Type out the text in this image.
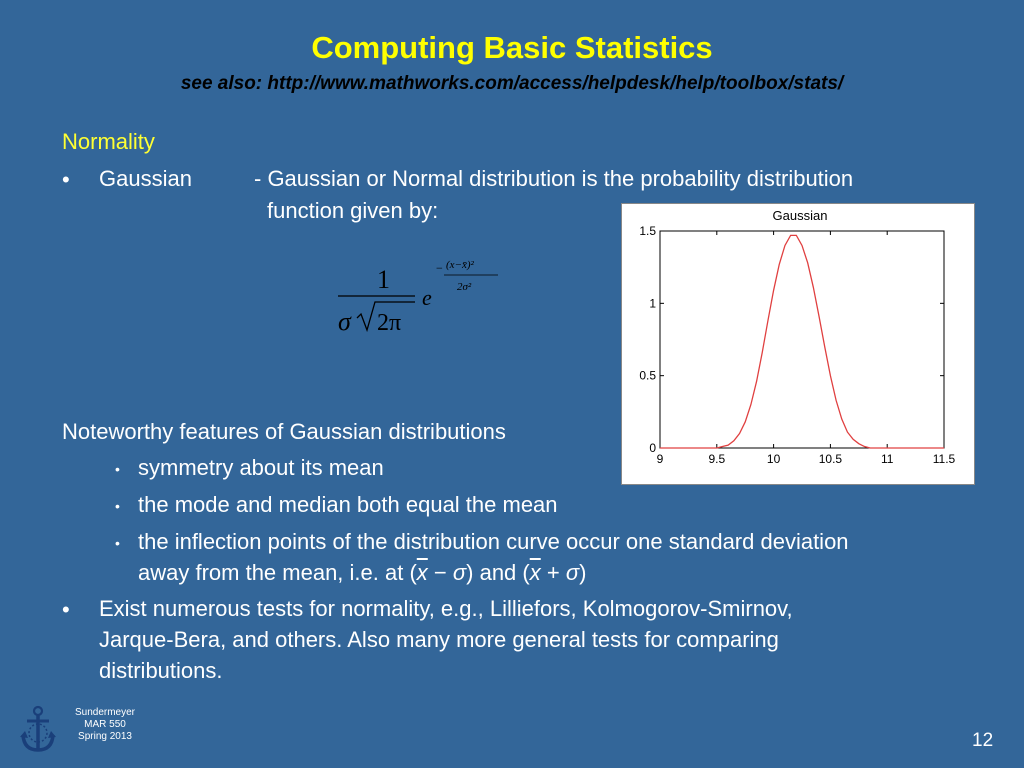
Computing Basic Statistics
see also: http://www.mathworks.com/access/helpdesk/help/toolbox/stats/
Normality
• Gaussian	- Gaussian or Normal distribution is the probability distribution
function given by:
1
σ 2π
e
− (x−x̄)²
2σ²
Gaussian
9	9.5	10	10.5	11	11.5
0
0.5
1
1.5
Noteworthy features of Gaussian distributions
• symmetry about its mean
• the mode and median both equal the mean
• the inflection points of the distribution curve occur one standard deviation
away from the mean, i.e. at $(\overline{x} - \sigma)$ and $(\overline{x} + \sigma)$
• Exist numerous tests for normality, e.g., Lilliefors, Kolmogorov-Smirnov,
Jarque-Bera, and others. Also many more general tests for comparing
distributions.
Sundermeyer
MAR 550
Spring 2013	12
